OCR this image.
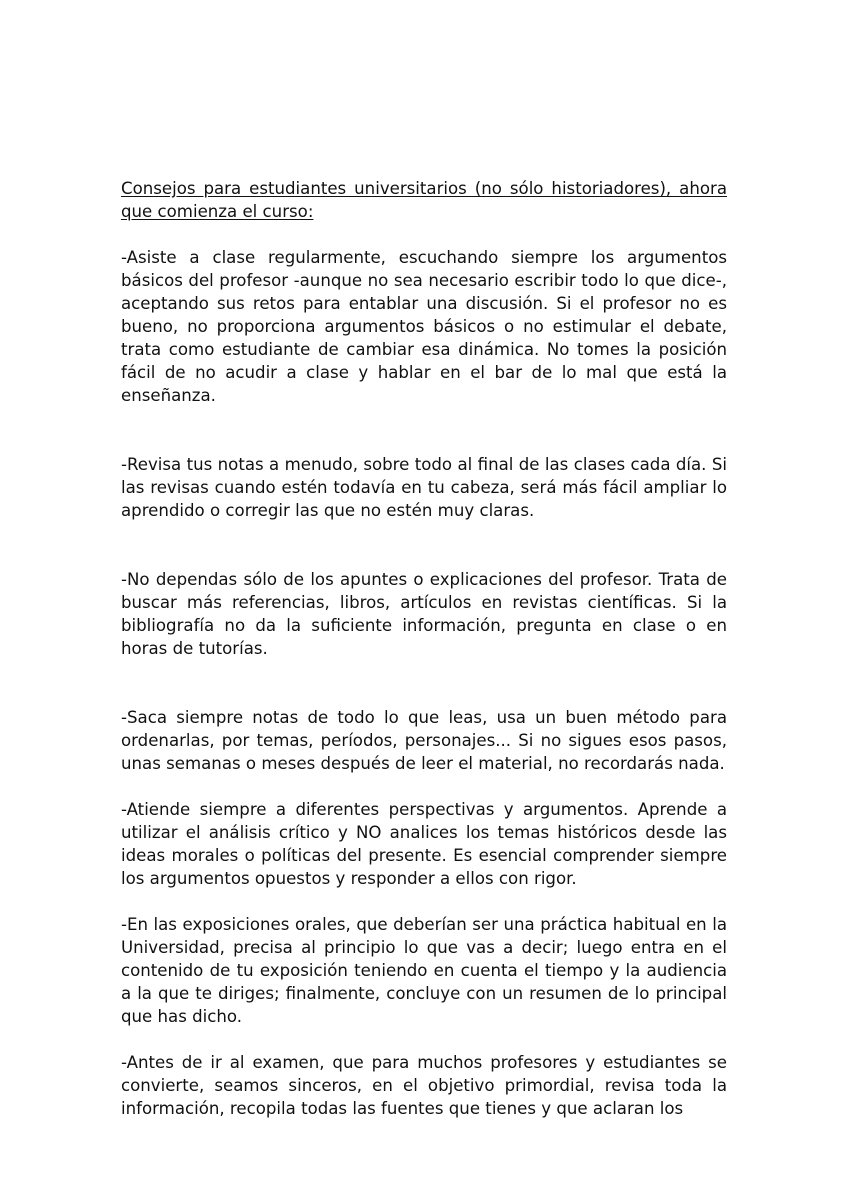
Consejos para estudiantes universitarios (no sólo historiadores), ahora que comienza el curso:

-Asiste a clase regularmente, escuchando siempre los argumentos básicos del profesor -aunque no sea necesario escribir todo lo que dice-, aceptando sus retos para entablar una discusión. Si el profesor no es bueno, no proporciona argumentos básicos o no estimular el debate, trata como estudiante de cambiar esa dinámica. No tomes la posición fácil de no acudir a clase y hablar en el bar de lo mal que está la enseñanza.

-Revisa tus notas a menudo, sobre todo al final de las clases cada día. Si las revisas cuando estén todavía en tu cabeza, será más fácil ampliar lo aprendido o corregir las que no estén muy claras.

-No dependas sólo de los apuntes o explicaciones del profesor. Trata de buscar más referencias, libros, artículos en revistas científicas. Si la bibliografía no da la suficiente información, pregunta en clase o en horas de tutorías.

-Saca siempre notas de todo lo que leas, usa un buen método para ordenarlas, por temas, períodos, personajes... Si no sigues esos pasos, unas semanas o meses después de leer el material, no recordarás nada.

-Atiende siempre a diferentes perspectivas y argumentos. Aprende a utilizar el análisis crítico y NO analices los temas históricos desde las ideas morales o políticas del presente. Es esencial comprender siempre los argumentos opuestos y responder a ellos con rigor.

-En las exposiciones orales, que deberían ser una práctica habitual en la Universidad, precisa al principio lo que vas a decir; luego entra en el contenido de tu exposición teniendo en cuenta el tiempo y la audiencia a la que te diriges; finalmente, concluye con un resumen de lo principal que has dicho.

-Antes de ir al examen, que para muchos profesores y estudiantes se convierte, seamos sinceros, en el objetivo primordial, revisa toda la información, recopila todas las fuentes que tienes y que aclaran los
